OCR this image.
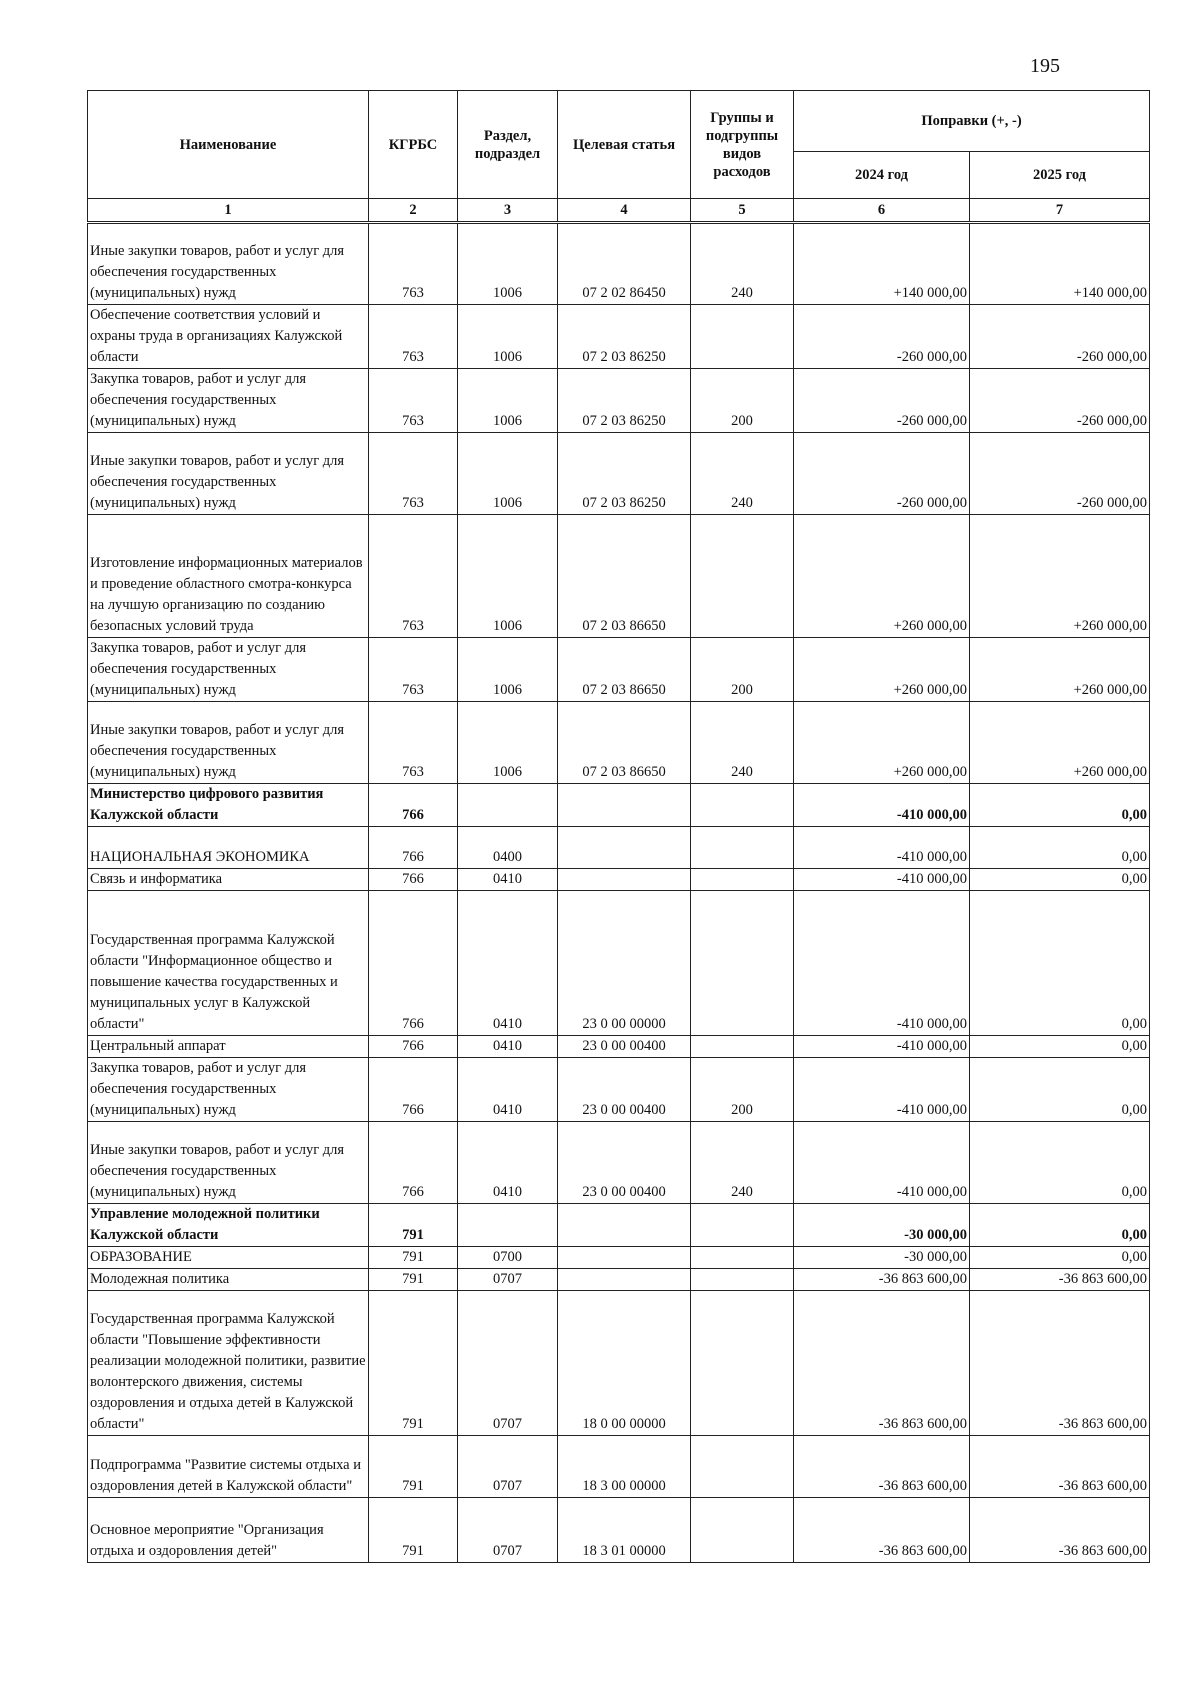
195
Наименование	КГРБС	Раздел, подраздел	Целевая статья	Группы и подгруппы видов расходов	Поправки (+, -)	
					2024 год	2025 год
1	2	3	4	5	6	7
Иные закупки товаров, работ и услуг для обеспечения государственных (муниципальных) нужд	763	1006	07 2 02 86450	240	+140 000,00	+140 000,00
Обеспечение соответствия условий и охраны труда в организациях Калужской области	763	1006	07 2 03 86250		-260 000,00	-260 000,00
Закупка товаров, работ и услуг для обеспечения государственных (муниципальных) нужд	763	1006	07 2 03 86250	200	-260 000,00	-260 000,00
Иные закупки товаров, работ и услуг для обеспечения государственных (муниципальных) нужд	763	1006	07 2 03 86250	240	-260 000,00	-260 000,00
Изготовление информационных материалов и проведение областного смотра-конкурса на лучшую организацию по созданию безопасных условий труда	763	1006	07 2 03 86650		+260 000,00	+260 000,00
Закупка товаров, работ и услуг для обеспечения государственных (муниципальных) нужд	763	1006	07 2 03 86650	200	+260 000,00	+260 000,00
Иные закупки товаров, работ и услуг для обеспечения государственных (муниципальных) нужд	763	1006	07 2 03 86650	240	+260 000,00	+260 000,00
Министерство цифрового развития Калужской области	766				-410 000,00	0,00
НАЦИОНАЛЬНАЯ ЭКОНОМИКА	766	0400			-410 000,00	0,00
Связь и информатика	766	0410			-410 000,00	0,00
Государственная программа Калужской области "Информационное общество и повышение качества государственных и муниципальных услуг в Калужской области"	766	0410	23 0 00 00000		-410 000,00	0,00
Центральный аппарат	766	0410	23 0 00 00400		-410 000,00	0,00
Закупка товаров, работ и услуг для обеспечения государственных (муниципальных) нужд	766	0410	23 0 00 00400	200	-410 000,00	0,00
Иные закупки товаров, работ и услуг для обеспечения государственных (муниципальных) нужд	766	0410	23 0 00 00400	240	-410 000,00	0,00
Управление молодежной политики Калужской области	791				-30 000,00	0,00
ОБРАЗОВАНИЕ	791	0700			-30 000,00	0,00
Молодежная политика	791	0707			-36 863 600,00	-36 863 600,00
Государственная программа Калужской области "Повышение эффективности реализации молодежной политики, развитие волонтерского движения, системы оздоровления и отдыха детей в Калужской области"	791	0707	18 0 00 00000		-36 863 600,00	-36 863 600,00
Подпрограмма "Развитие системы отдыха и оздоровления детей в Калужской области"	791	0707	18 3 00 00000		-36 863 600,00	-36 863 600,00
Основное мероприятие "Организация отдыха и оздоровления детей"	791	0707	18 3 01 00000		-36 863 600,00	-36 863 600,00
